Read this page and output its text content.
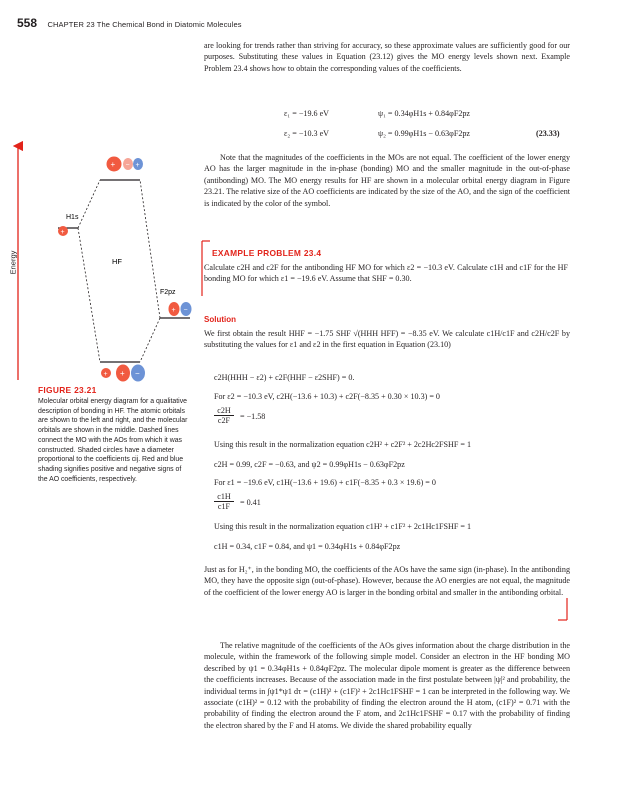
558 CHAPTER 23 The Chemical Bond in Diatomic Molecules

are looking for trends rather than striving for accuracy, so these approximate values are sufficiently good for our purposes. Substituting these values in Equation (23.12) gives the MO energy levels shown next. Example Problem 23.4 shows how to obtain the corresponding values of the coefficients.

ε₁ = −19.6 eV	ψ₁ = 0.34φH1s + 0.84φF2pz
ε₂ = −10.3 eV	ψ₂ = 0.99φH1s − 0.63φF2pz	(23.33)

Note that the magnitudes of the coefficients in the MOs are not equal. The coefficient of the lower energy AO has the larger magnitude in the in-phase (bonding) MO and the smaller magnitude in the out-of-phase (antibonding) MO. The MO energy results for HF are shown in a molecular orbital energy diagram in Figure 23.21. The relative size of the AO coefficients are indicated by the size of the AO, and the sign of the coefficient is indicated by the color of the symbol.

EXAMPLE PROBLEM 23.4

Calculate c2H and c2F for the antibonding HF MO for which ε2 = −10.3 eV. Calculate c1H and c1F for the HF bonding MO for which ε1 = −19.6 eV. Assume that SHF = 0.30.

Solution

We first obtain the result HHF = −1.75 SHF √(HHH HFF) = −8.35 eV. We calculate c1H/c1F and c2H/c2F by substituting the values for ε1 and ε2 in the first equation in Equation (23.10)

c2H(HHH − ε2) + c2F(HHF − ε2SHF) = 0.
For ε2 = −10.3 eV, c2H(−13.6 + 10.3) + c2F(−8.35 + 0.30 × 10.3) = 0
c2H
c2F	= −1.58
Using this result in the normalization equation c2H² + c2F² + 2c2Hc2FSHF = 1
c2H = 0.99, c2F = −0.63, and ψ2 = 0.99φH1s − 0.63φF2pz
For ε1 = −19.6 eV, c1H(−13.6 + 19.6) + c1F(−8.35 + 0.3 × 19.6) = 0
c1H
c1F	= 0.41
Using this result in the normalization equation c1H² + c1F² + 2c1Hc1FSHF = 1
c1H = 0.34, c1F = 0.84, and ψ1 = 0.34φH1s + 0.84φF2pz

Just as for H₂⁺, in the bonding MO, the coefficients of the AOs have the same sign (in-phase). In the antibonding MO, they have the opposite sign (out-of-phase). However, because the AO energies are not equal, the magnitude of the coefficient of the lower energy AO is larger in the bonding orbital and smaller in the antibonding orbital.

The relative magnitude of the coefficients of the AOs gives information about the charge distribution in the molecule, within the framework of the following simple model. Consider an electron in the HF bonding MO described by ψ1 = 0.34φH1s + 0.84φF2pz. The molecular dipole moment is greater as the difference between the coefficients increases. Because of the association made in the first postulate between |ψ|² and probability, the individual terms in ∫ψ1*ψ1 dτ = (c1H)² + (c1F)² + 2c1Hc1FSHF = 1 can be interpreted in the following way. We associate (c1H)² = 0.12 with the probability of finding the electron around the H atom, (c1F)² = 0.71 with the probability of finding the electron around the F atom, and 2c1Hc1FSHF = 0.17 with the probability of finding the electron shared by the F and H atoms. We divide the shared probability equally

Energy
H1s
+
+ − +
HF
+ + −
F2pz
+ −
FIGURE 23.21
Molecular orbital energy diagram for a qualitative description of bonding in HF. The atomic orbitals are shown to the left and right, and the molecular orbitals are shown in the middle. Dashed lines connect the MO with the AOs from which it was constructed. Shaded circles have a diameter proportional to the coefficients cij. Red and blue shading signifies positive and negative signs of the AO coefficients, respectively.
